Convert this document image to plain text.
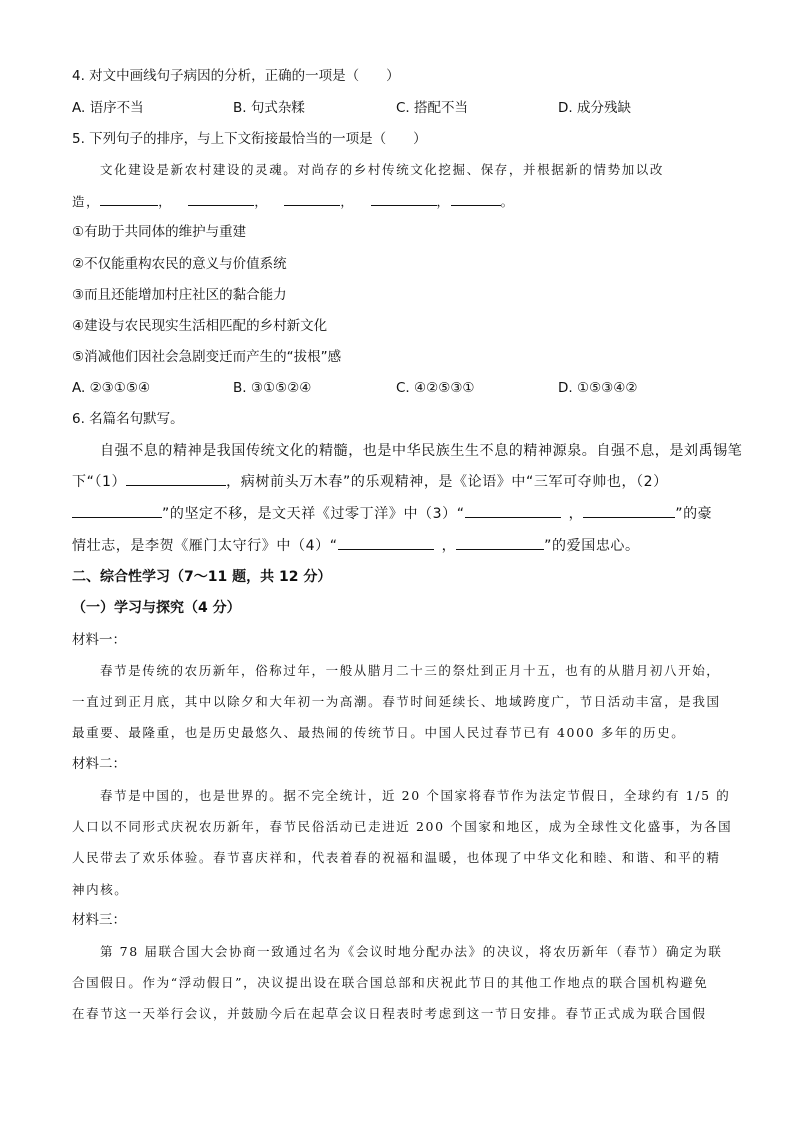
4. 对文中画线句子病因的分析，正确的一项是（　　）
A. 语序不当	B. 句式杂糅	C. 搭配不当	D. 成分残缺
5. 下列句子的排序，与上下文衔接最恰当的一项是（　　）
文化建设是新农村建设的灵魂。对尚存的乡村传统文化挖掘、保存，并根据新的情势加以改
造，	，	，	，	，	。
①有助于共同体的维护与重建
②不仅能重构农民的意义与价值系统
③而且还能增加村庄社区的黏合能力
④建设与农民现实生活相匹配的乡村新文化
⑤消减他们因社会急剧变迁而产生的“拔根”感
A. ②③①⑤④	B. ③①⑤②④	C. ④②⑤③①	D. ①⑤③④②
6. 名篇名句默写。
自强不息的精神是我国传统文化的精髓，也是中华民族生生不息的精神源泉。自强不息，是刘禹锡笔
下“（1）	，病树前头万木春”的乐观精神，是《论语》中“三军可夺帅也，（2）
”的坚定不移，是文天祥《过零丁洋》中（3）“	，	”的豪
情壮志，是李贺《雁门太守行》中（4）“	，	”的爱国忠心。
二、综合性学习（7～11 题，共 12 分）
（一）学习与探究（4 分）
材料一：
春节是传统的农历新年，俗称过年，一般从腊月二十三的祭灶到正月十五，也有的从腊月初八开始，
一直过到正月底，其中以除夕和大年初一为高潮。春节时间延续长、地域跨度广，节日活动丰富，是我国
最重要、最隆重，也是历史最悠久、最热闹的传统节日。中国人民过春节已有 4000 多年的历史。
材料二：
春节是中国的，也是世界的。据不完全统计，近 20 个国家将春节作为法定节假日，全球约有 1/5 的
人口以不同形式庆祝农历新年，春节民俗活动已走进近 200 个国家和地区，成为全球性文化盛事，为各国
人民带去了欢乐体验。春节喜庆祥和，代表着春的祝福和温暖，也体现了中华文化和睦、和谐、和平的精
神内核。
材料三：
第 78 届联合国大会协商一致通过名为《会议时地分配办法》的决议，将农历新年（春节）确定为联
合国假日。作为“浮动假日”，决议提出设在联合国总部和庆祝此节日的其他工作地点的联合国机构避免
在春节这一天举行会议，并鼓励今后在起草会议日程表时考虑到这一节日安排。春节正式成为联合国假
